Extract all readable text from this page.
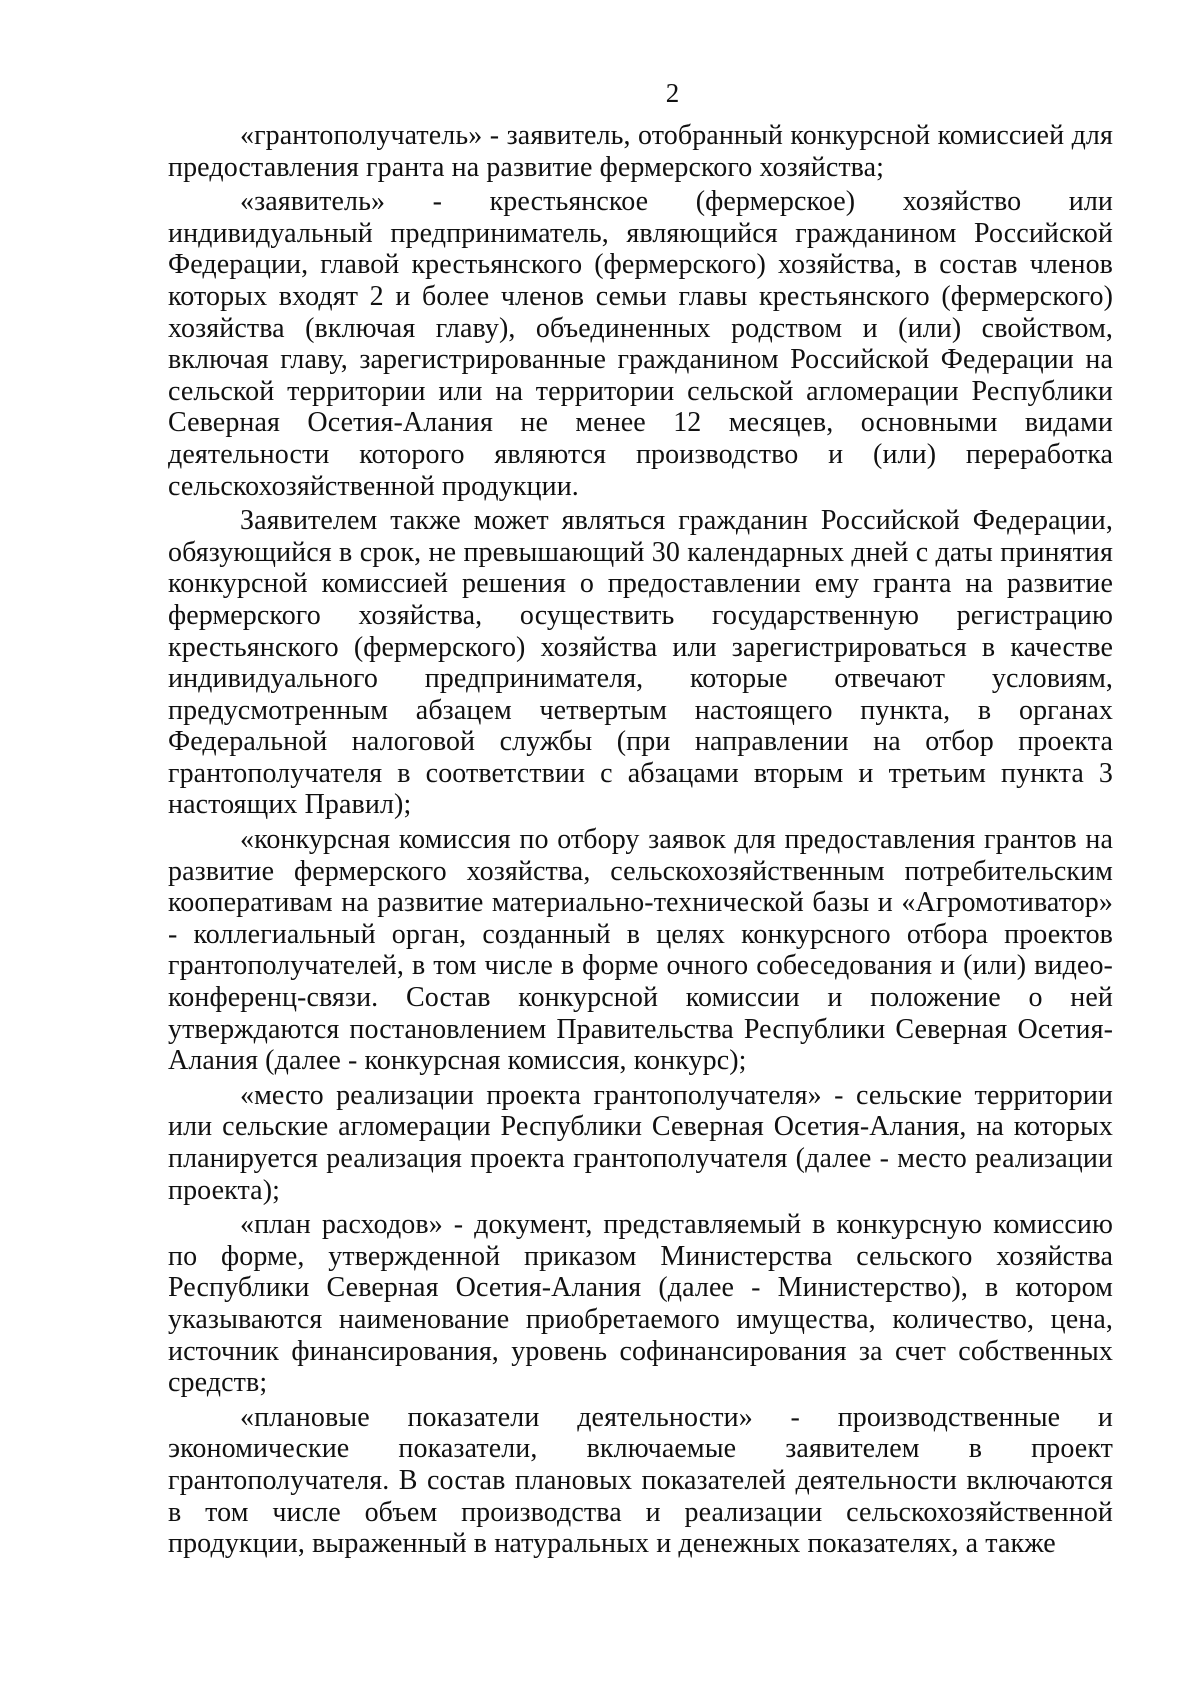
2

«грантополучатель» - заявитель, отобранный конкурсной комиссией для предоставления гранта на развитие фермерского хозяйства;

«заявитель» - крестьянское (фермерское) хозяйство или индивидуальный предприниматель, являющийся гражданином Российской Федерации, главой крестьянского (фермерского) хозяйства, в состав членов которых входят 2 и более членов семьи главы крестьянского (фермерского) хозяйства (включая главу), объединенных родством и (или) свойством, включая главу, зарегистрированные гражданином Российской Федерации на сельской территории или на территории сельской агломерации Республики Северная Осетия-Алания не менее 12 месяцев, основными видами деятельности которого являются производство и (или) переработка сельскохозяйственной продукции.

Заявителем также может являться гражданин Российской Федерации, обязующийся в срок, не превышающий 30 календарных дней с даты принятия конкурсной комиссией решения о предоставлении ему гранта на развитие фермерского хозяйства, осуществить государственную регистрацию крестьянского (фермерского) хозяйства или зарегистрироваться в качестве индивидуального предпринимателя, которые отвечают условиям, предусмотренным абзацем четвертым настоящего пункта, в органах Федеральной налоговой службы (при направлении на отбор проекта грантополучателя в соответствии с абзацами вторым и третьим пункта 3 настоящих Правил);

«конкурсная комиссия по отбору заявок для предоставления грантов на развитие фермерского хозяйства, сельскохозяйственным потребительским кооперативам на развитие материально-технической базы и «Агромотиватор» - коллегиальный орган, созданный в целях конкурсного отбора проектов грантополучателей, в том числе в форме очного собеседования и (или) видео-конференц-связи. Состав конкурсной комиссии и положение о ней утверждаются постановлением Правительства Республики Северная Осетия-Алания (далее - конкурсная комиссия, конкурс);

«место реализации проекта грантополучателя» - сельские территории или сельские агломерации Республики Северная Осетия-Алания, на которых планируется реализация проекта грантополучателя (далее - место реализации проекта);

«план расходов» - документ, представляемый в конкурсную комиссию по форме, утвержденной приказом Министерства сельского хозяйства Республики Северная Осетия-Алания (далее - Министерство), в котором указываются наименование приобретаемого имущества, количество, цена, источник финансирования, уровень софинансирования за счет собственных средств;

«плановые показатели деятельности» - производственные и экономические показатели, включаемые заявителем в проект грантополучателя. В состав плановых показателей деятельности включаются в том числе объем производства и реализации сельскохозяйственной продукции, выраженный в натуральных и денежных показателях, а также
